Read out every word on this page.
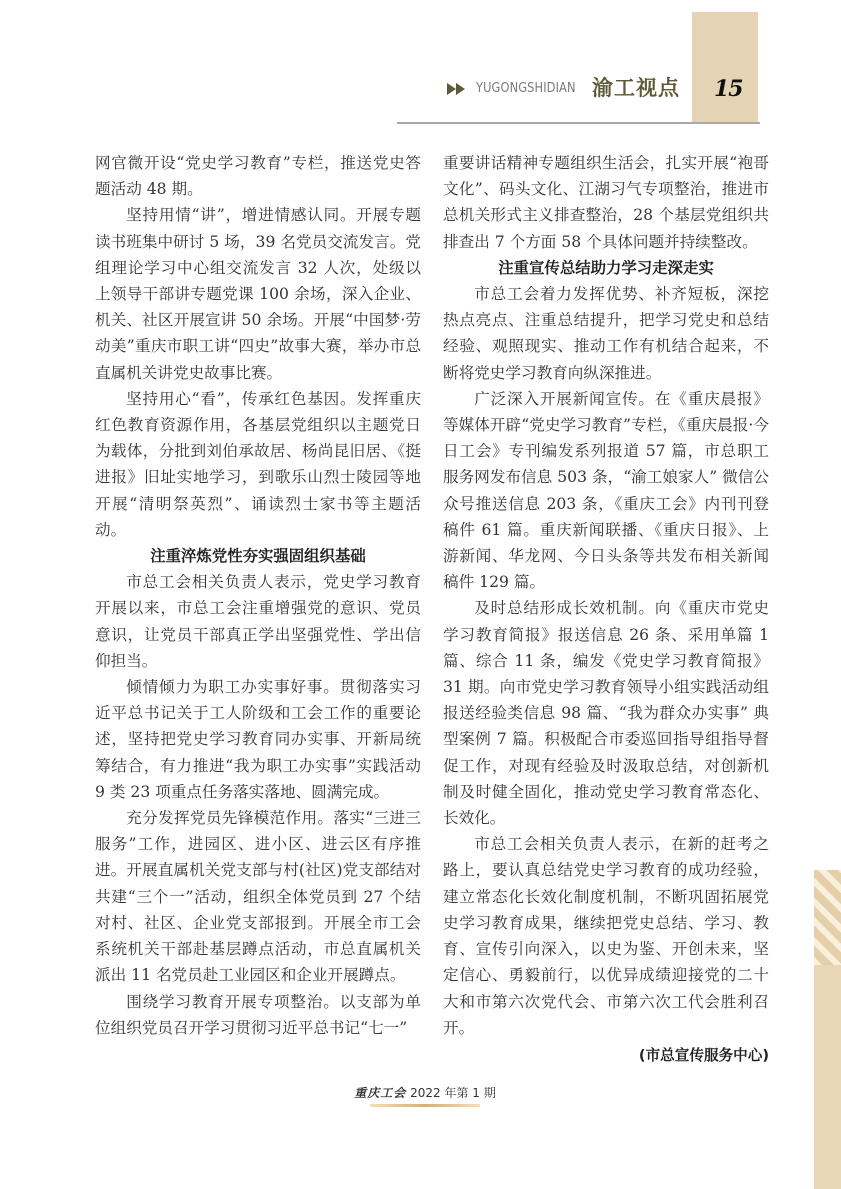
YUGONGSHIDIAN 渝工视点 15

网官微开设“党史学习教育”专栏，推送党史答题活动 48 期。

坚持用情“讲”，增进情感认同。开展专题读书班集中研讨 5 场，39 名党员交流发言。党组理论学习中心组交流发言 32 人次，处级以上领导干部讲专题党课 100 余场，深入企业、机关、社区开展宣讲 50 余场。开展“中国梦·劳动美”重庆市职工讲“四史”故事大赛，举办市总直属机关讲党史故事比赛。

坚持用心“看”，传承红色基因。发挥重庆红色教育资源作用，各基层党组织以主题党日为载体，分批到刘伯承故居、杨尚昆旧居、《挺进报》旧址实地学习，到歌乐山烈士陵园等地开展“清明祭英烈”、诵读烈士家书等主题活动。

注重淬炼党性夯实强固组织基础

市总工会相关负责人表示，党史学习教育开展以来，市总工会注重增强党的意识、党员意识，让党员干部真正学出坚强党性、学出信仰担当。

倾情倾力为职工办实事好事。贯彻落实习近平总书记关于工人阶级和工会工作的重要论述，坚持把党史学习教育同办实事、开新局统筹结合，有力推进“我为职工办实事”实践活动 9 类 23 项重点任务落实落地、圆满完成。

充分发挥党员先锋模范作用。落实“三进三服务”工作，进园区、进小区、进云区有序推进。开展直属机关党支部与村(社区)党支部结对共建“三个一”活动，组织全体党员到 27 个结对村、社区、企业党支部报到。开展全市工会系统机关干部赴基层蹲点活动，市总直属机关派出 11 名党员赴工业园区和企业开展蹲点。

围绕学习教育开展专项整治。以支部为单位组织党员召开学习贯彻习近平总书记“七一”

重要讲话精神专题组织生活会，扎实开展“袍哥文化”、码头文化、江湖习气专项整治，推进市总机关形式主义排查整治，28 个基层党组织共排查出 7 个方面 58 个具体问题并持续整改。

注重宣传总结助力学习走深走实

市总工会着力发挥优势、补齐短板，深挖热点亮点、注重总结提升，把学习党史和总结经验、观照现实、推动工作有机结合起来，不断将党史学习教育向纵深推进。

广泛深入开展新闻宣传。在《重庆晨报》等媒体开辟“党史学习教育”专栏，《重庆晨报·今日工会》专刊编发系列报道 57 篇，市总职工服务网发布信息 503 条，“渝工娘家人” 微信公众号推送信息 203 条，《重庆工会》内刊刊登稿件 61 篇。重庆新闻联播、《重庆日报》、上游新闻、华龙网、今日头条等共发布相关新闻稿件 129 篇。

及时总结形成长效机制。向《重庆市党史学习教育简报》报送信息 26 条、采用单篇 1 篇、综合 11 条，编发《党史学习教育简报》31 期。向市党史学习教育领导小组实践活动组报送经验类信息 98 篇、“我为群众办实事” 典型案例 7 篇。积极配合市委巡回指导组指导督促工作，对现有经验及时汲取总结，对创新机制及时健全固化，推动党史学习教育常态化、长效化。

市总工会相关负责人表示，在新的赶考之路上，要认真总结党史学习教育的成功经验，建立常态化长效化制度机制，不断巩固拓展党史学习教育成果，继续把党史总结、学习、教育、宣传引向深入，以史为鉴、开创未来，坚定信心、勇毅前行，以优异成绩迎接党的二十大和市第六次党代会、市第六次工代会胜利召开。

(市总宣传服务中心)
重庆工会 2022 年第 1 期
